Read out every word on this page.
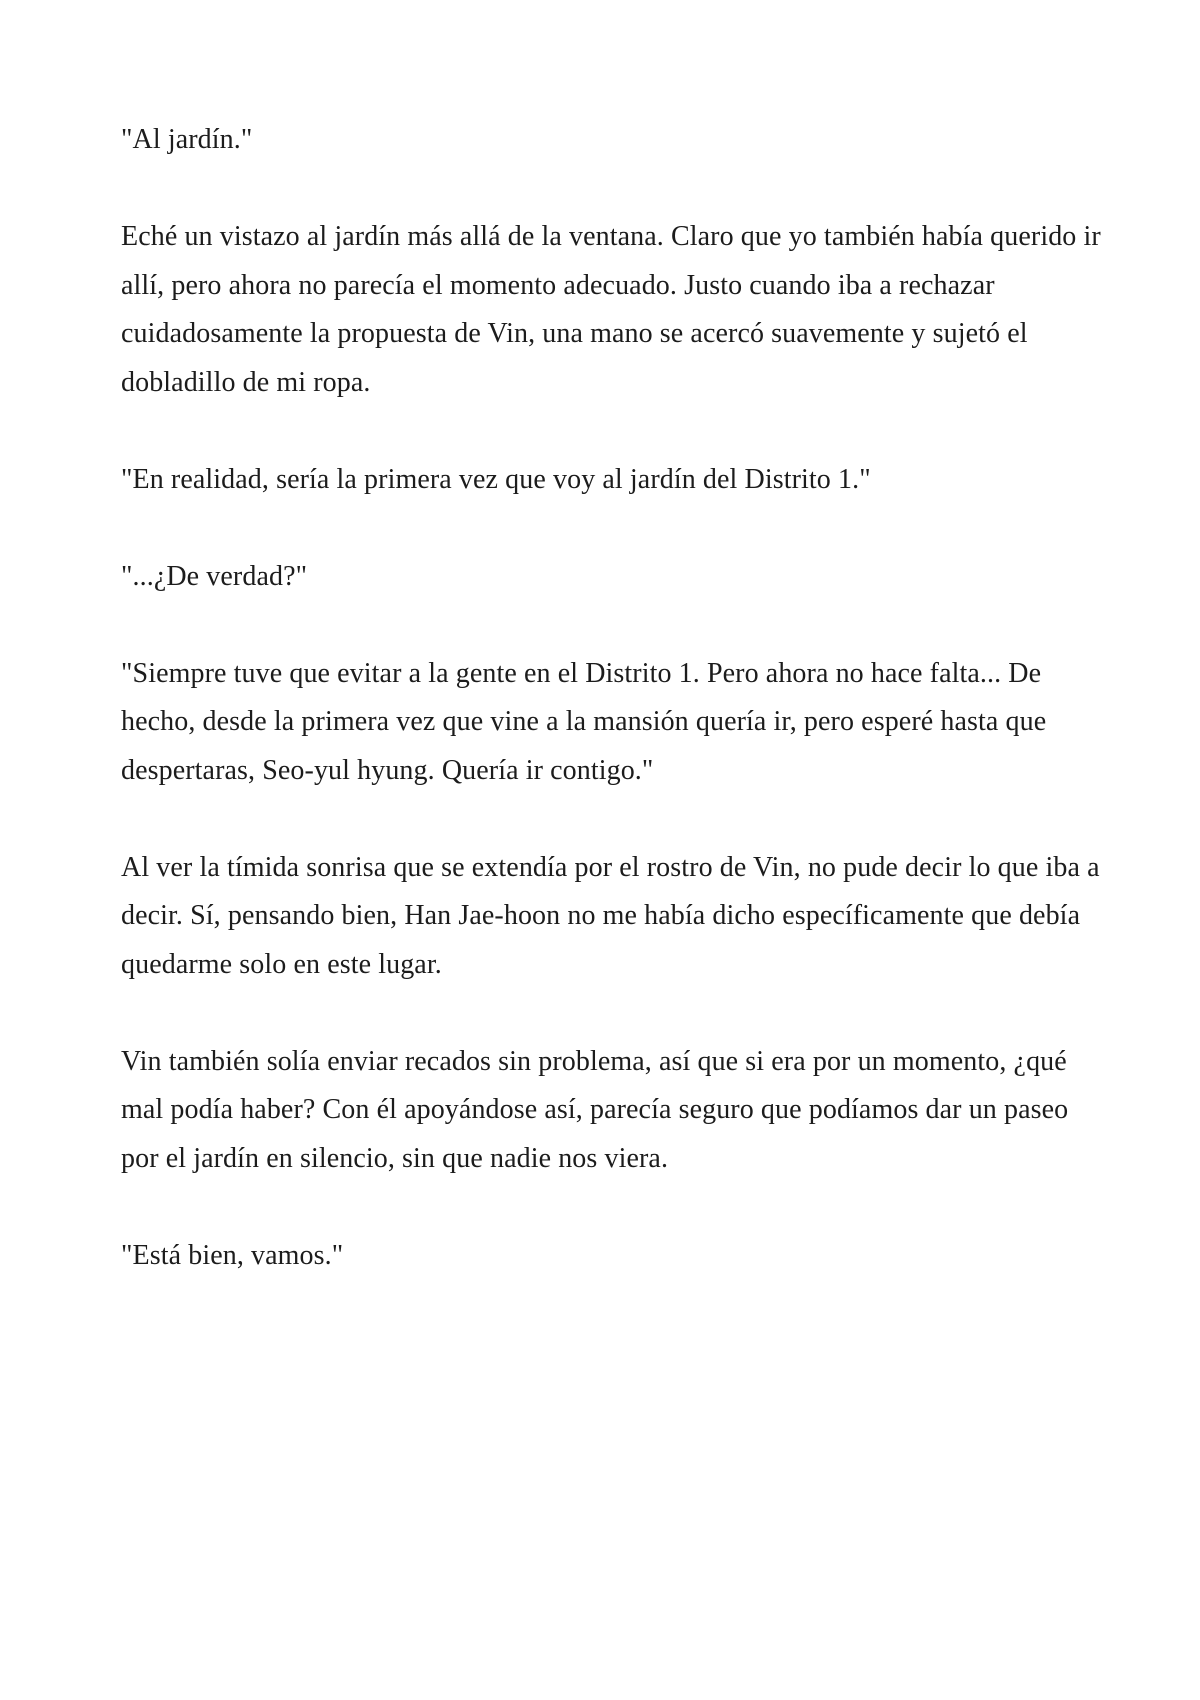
"Al jardín."

Eché un vistazo al jardín más allá de la ventana. Claro que yo también había querido ir allí, pero ahora no parecía el momento adecuado. Justo cuando iba a rechazar cuidadosamente la propuesta de Vin, una mano se acercó suavemente y sujetó el dobladillo de mi ropa.

"En realidad, sería la primera vez que voy al jardín del Distrito 1."

"...¿De verdad?"

"Siempre tuve que evitar a la gente en el Distrito 1. Pero ahora no hace falta... De hecho, desde la primera vez que vine a la mansión quería ir, pero esperé hasta que despertaras, Seo-yul hyung. Quería ir contigo."

Al ver la tímida sonrisa que se extendía por el rostro de Vin, no pude decir lo que iba a decir. Sí, pensando bien, Han Jae-hoon no me había dicho específicamente que debía quedarme solo en este lugar.

Vin también solía enviar recados sin problema, así que si era por un momento, ¿qué mal podía haber? Con él apoyándose así, parecía seguro que podíamos dar un paseo por el jardín en silencio, sin que nadie nos viera.

"Está bien, vamos."
